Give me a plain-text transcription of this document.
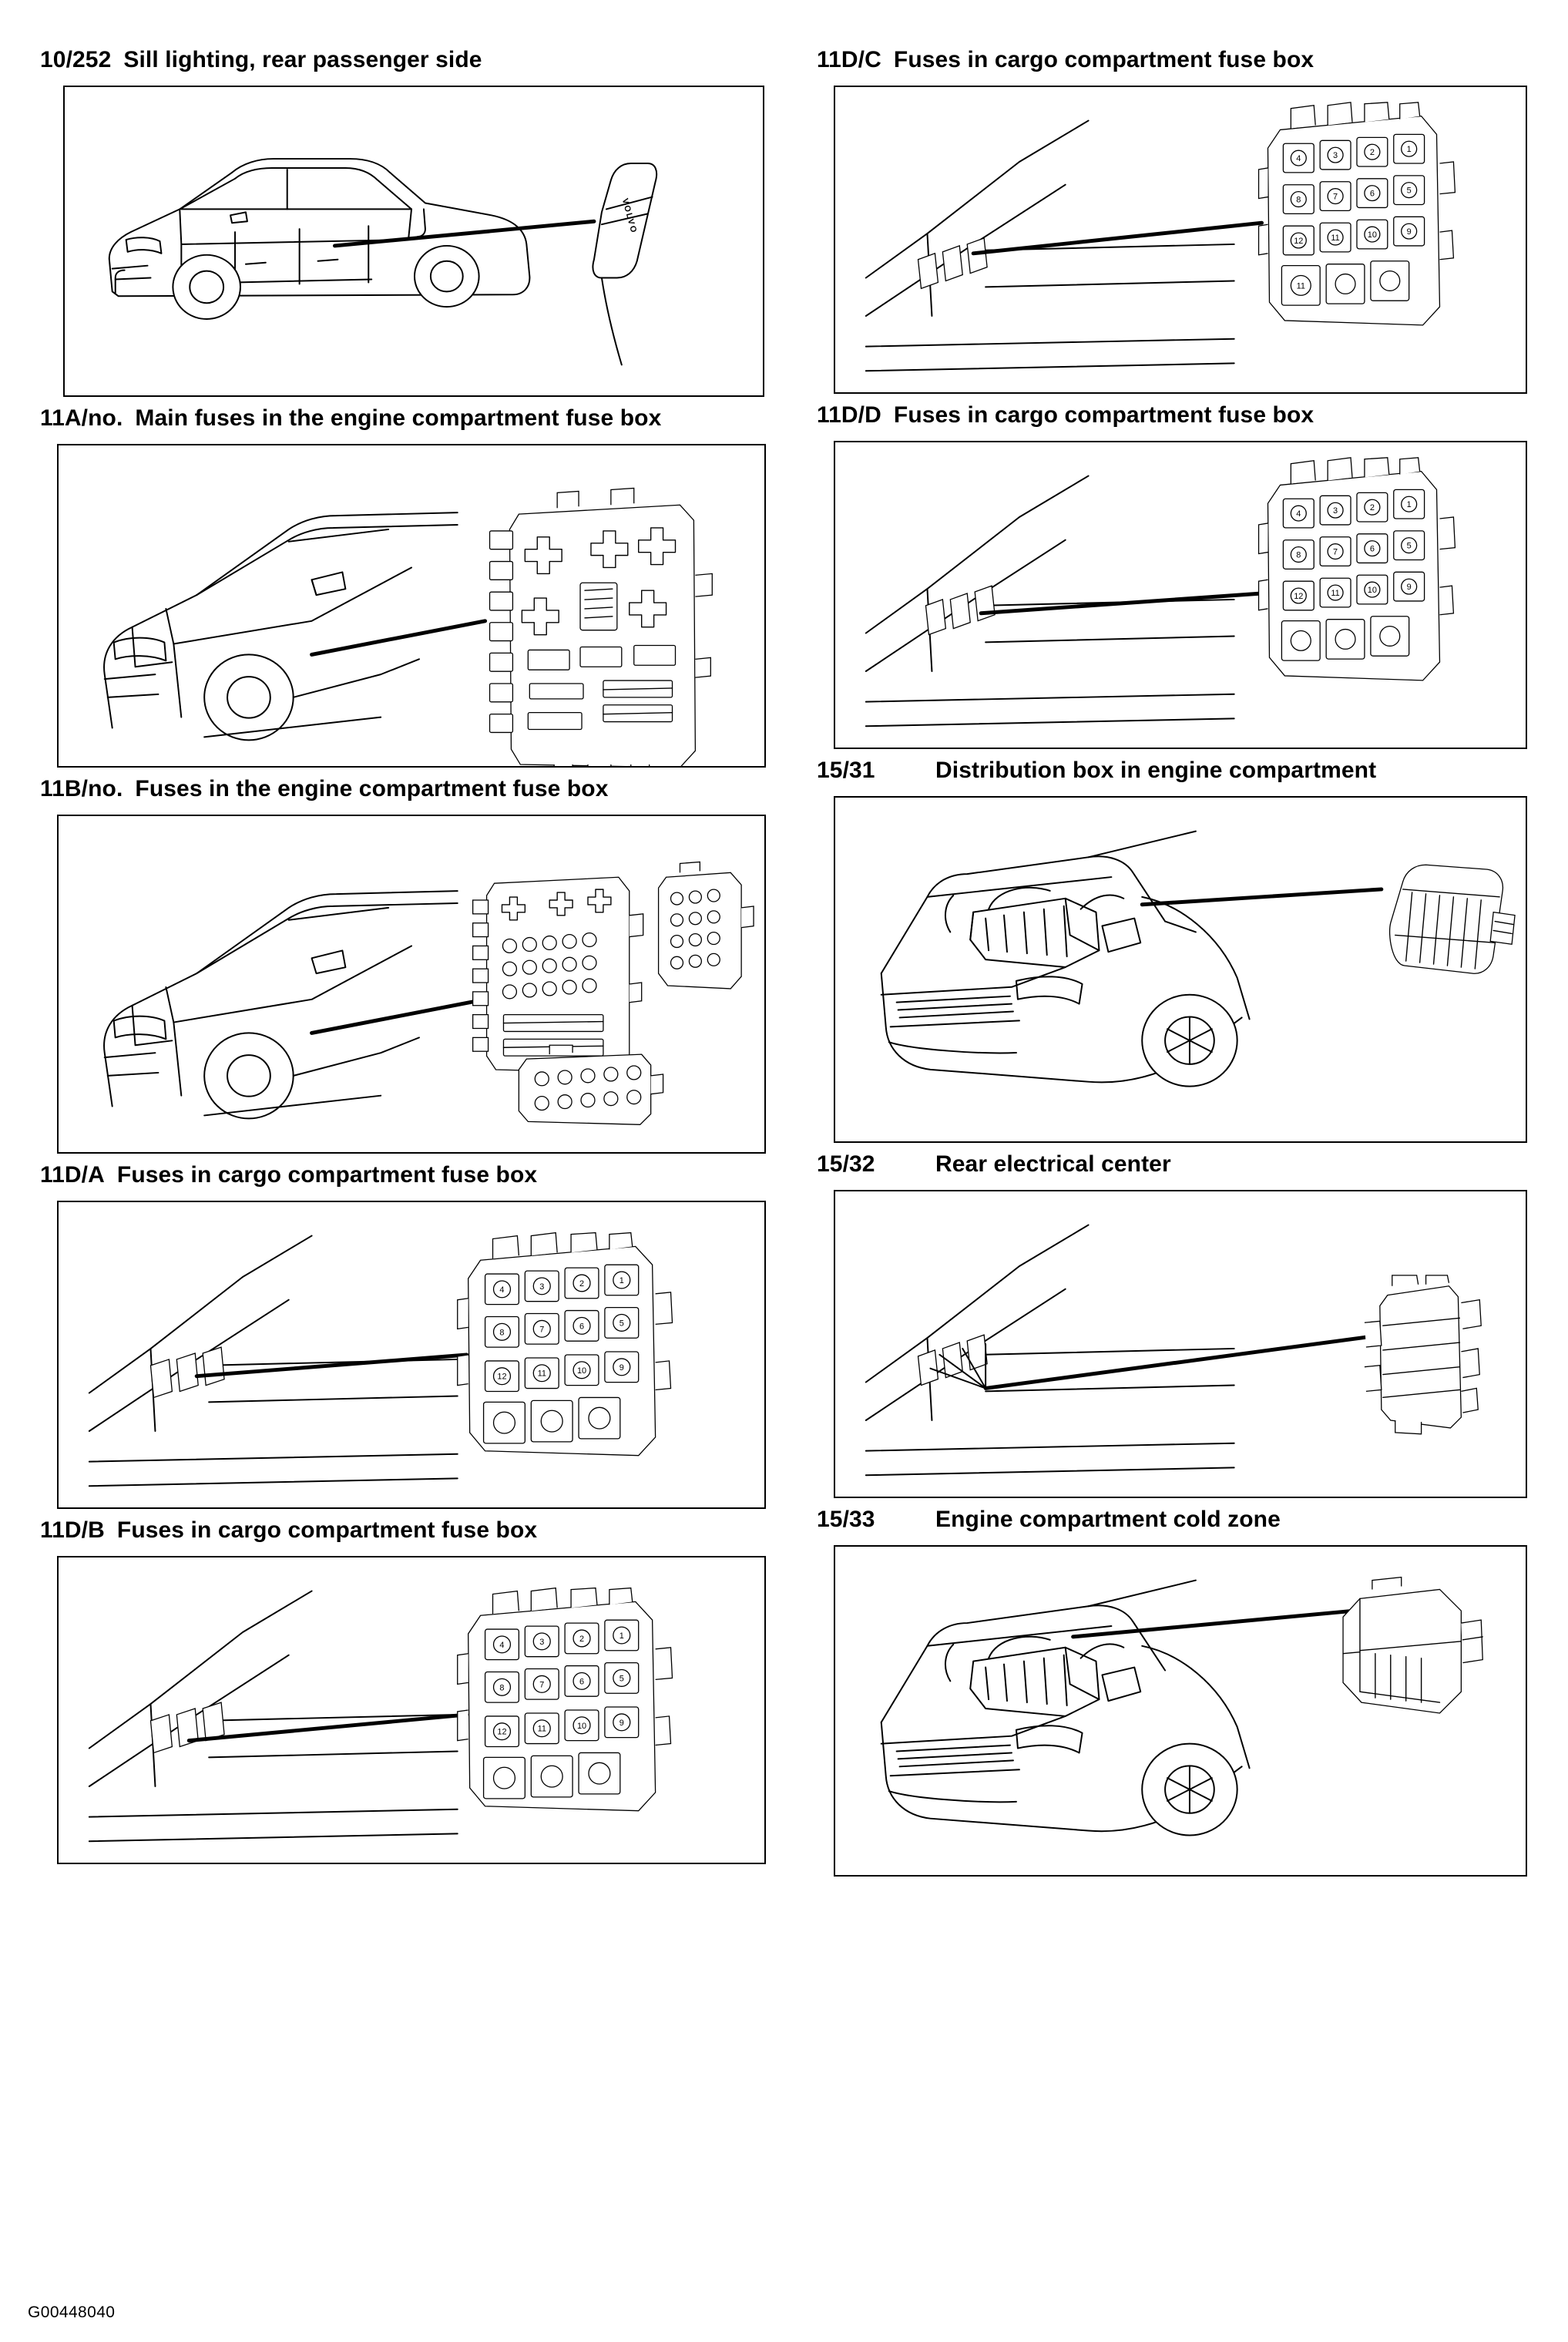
10/252 Sill lighting, rear passenger side
VOLVO
11A/no. Main fuses in the engine compartment fuse box
11B/no. Fuses in the engine compartment fuse box
11D/A Fuses in cargo compartment fuse box
4	3	2	1
8	7	6	5
12	11	10	9
11D/B Fuses in cargo compartment fuse box
4	3	2	1
8	7	6	5
12	11	10	9
11D/C Fuses in cargo compartment fuse box
4	3	2	1
8	7	6	5
12	11	10	9
11
11D/D Fuses in cargo compartment fuse box
4	3	2	1
8	7	6	5
12	11	10	9
15/31	Distribution box in engine compartment
15/32	Rear electrical center
15/33	Engine compartment cold zone
G00448040
